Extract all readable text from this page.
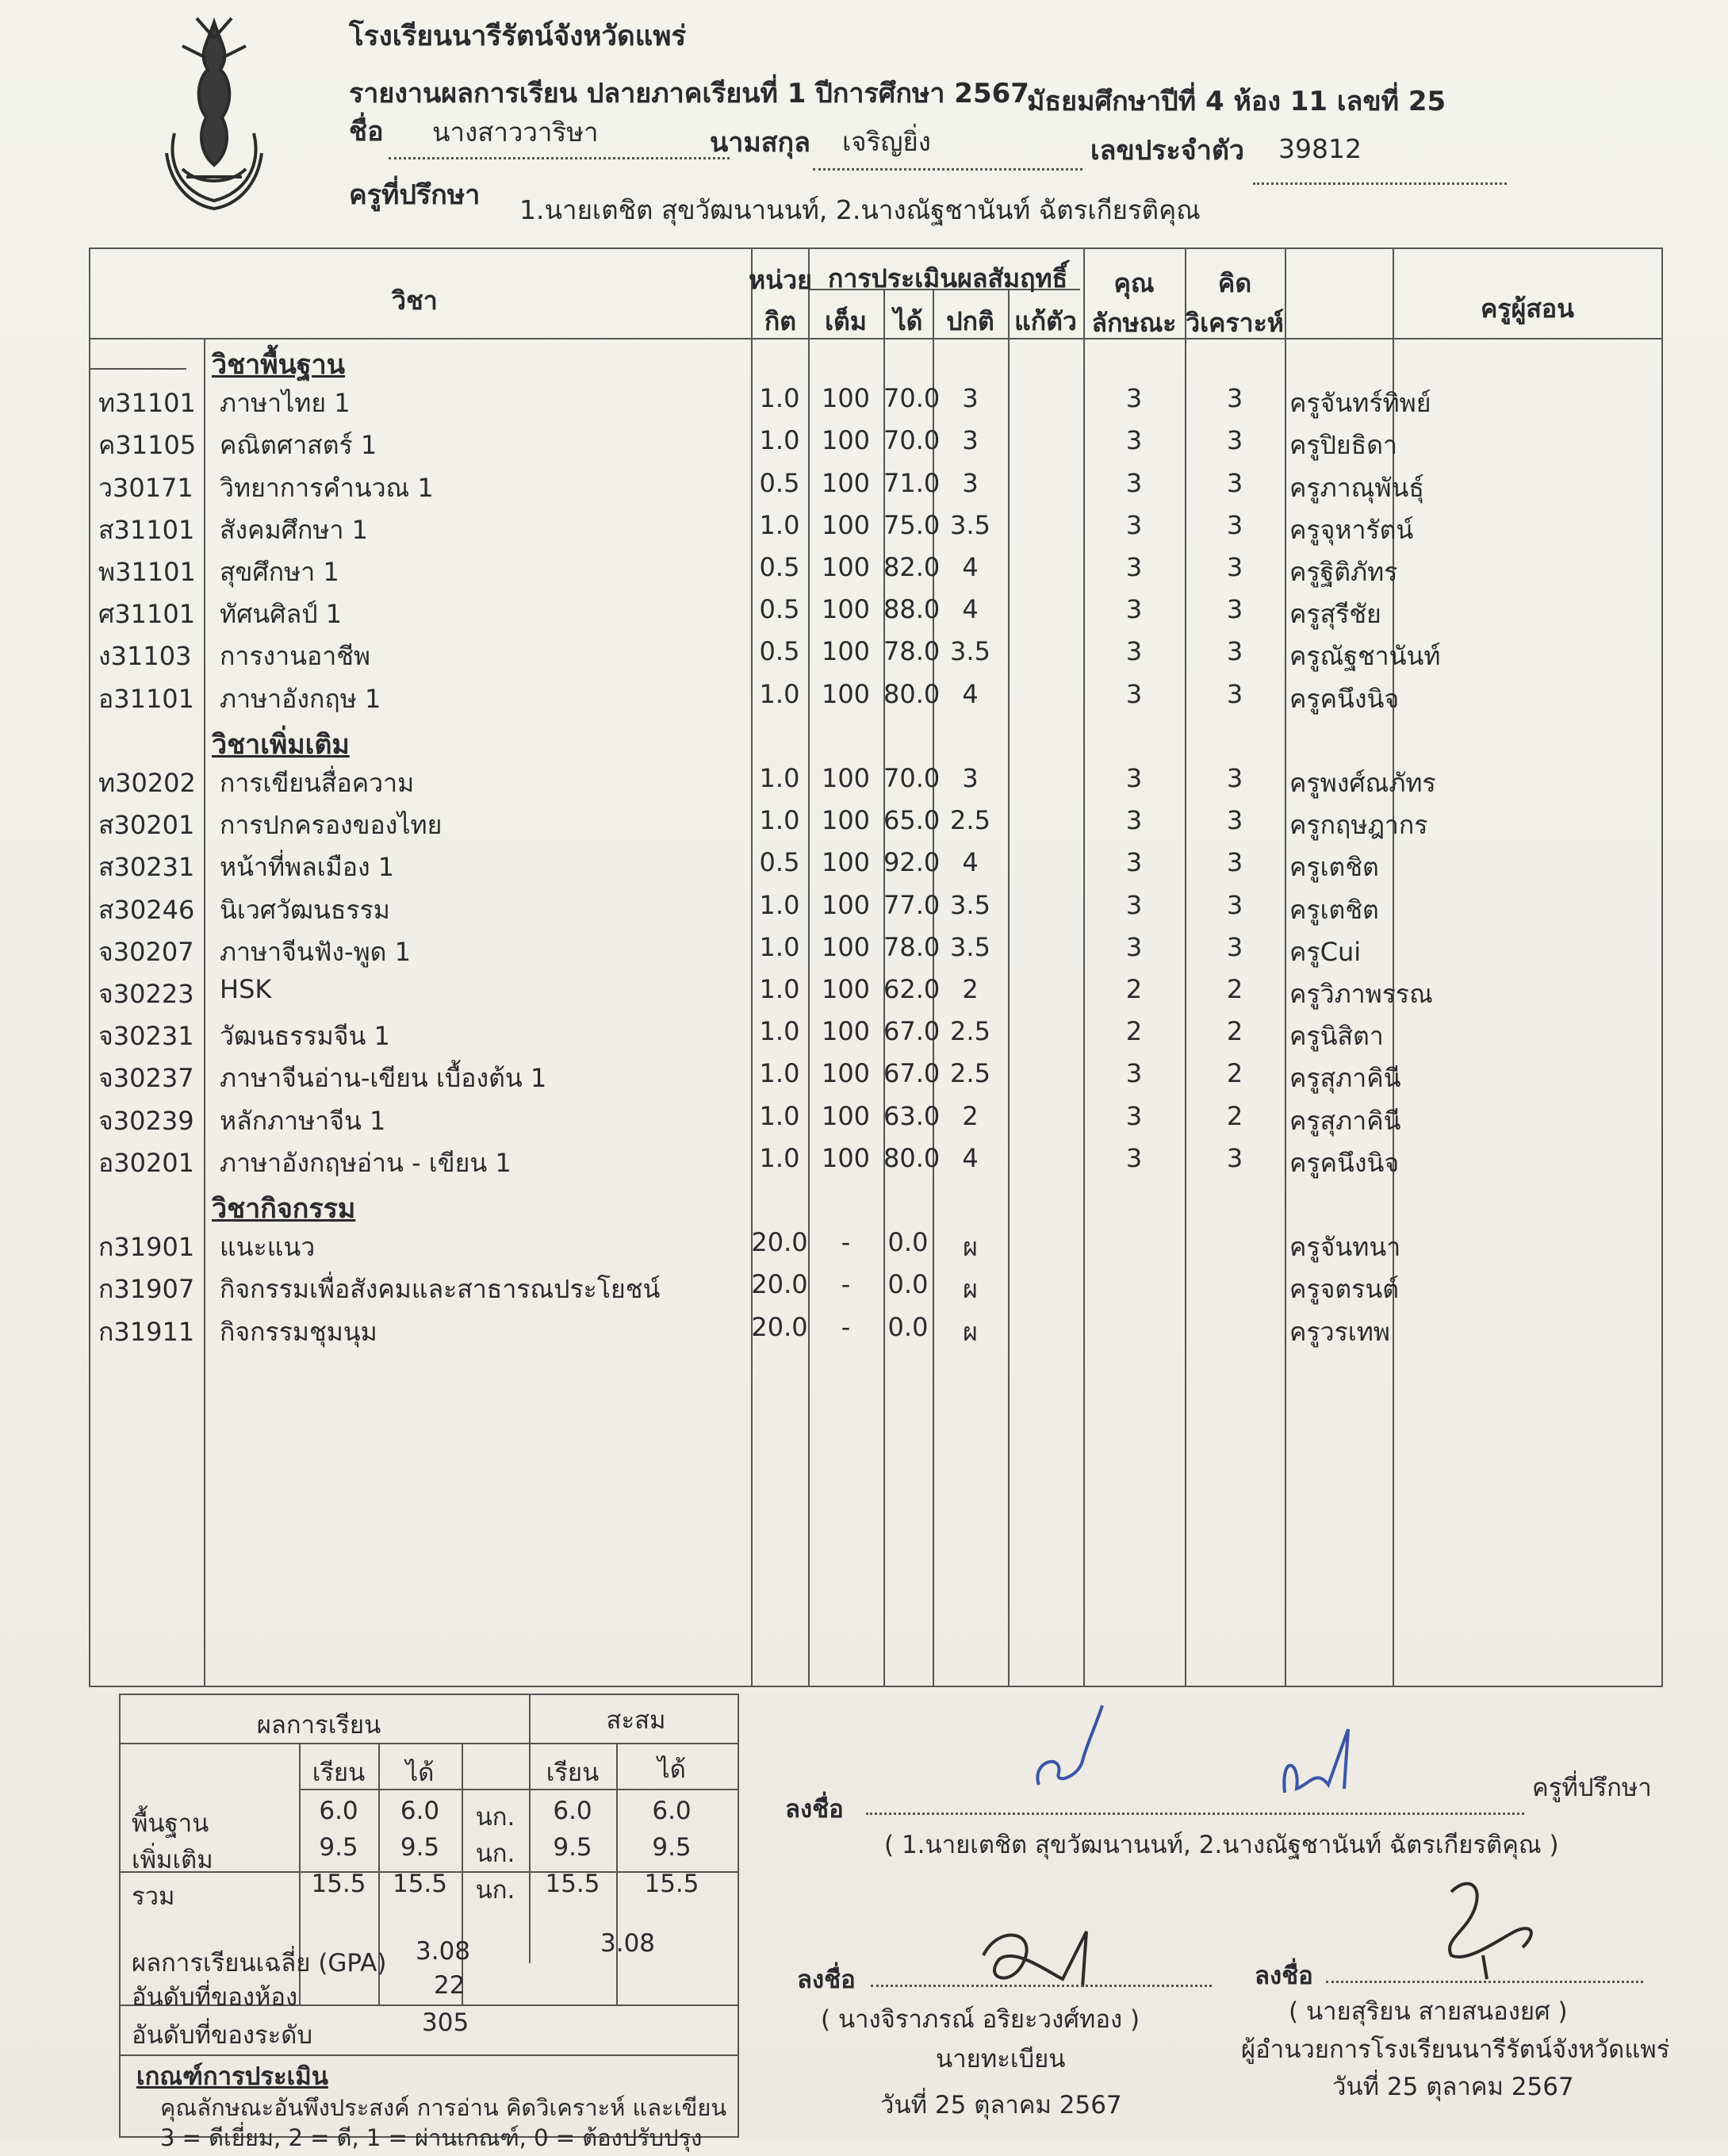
โรงเรียนนารีรัตน์จังหวัดแพร่
รายงานผลการเรียน ปลายภาคเรียนที่ 1 ปีการศึกษา 2567
มัธยมศึกษาปีที่ 4 ห้อง 11 เลขที่ 25
ชื่อ นางสาววาริษา	นามสกุล เจริญยิ่ง	เลขประจำตัว 39812
ครูที่ปรึกษา 1.นายเตชิต สุขวัฒนานนท์, 2.นางณัฐชานันท์ ฉัตรเกียรติคุณ
วิชา
หน่วย
กิต
การประเมินผลสัมฤทธิ์
เต็ม	ได้ ปกติ แก้ตัว
คุณ
ลักษณะ
คิด
วิเคราะห์	ครูผู้สอน
วิชาพื้นฐาน
ท31101 ภาษาไทย 1	1.0 100 70.0 3	3	3	ครูจันทร์ทิพย์
ค31105 คณิตศาสตร์ 1	1.0 100 70.0 3	3	3	ครูปิยธิดา
ว30171	วิทยาการคำนวณ 1	0.5 100 71.0 3	3	3	ครูภาณุพันธุ์
ส31101 สังคมศึกษา 1	1.0 100 75.0 3.5	3	3	ครูจุหารัตน์
พ31101 สุขศึกษา 1	0.5 100 82.0 4	3	3	ครูฐิติภัทร
ศ31101 ทัศนศิลป์ 1	0.5 100 88.0 4	3	3	ครูสุรีชัย
ง31103	การงานอาชีพ	0.5 100 78.0 3.5	3	3	ครูณัฐชานันท์
อ31101 ภาษาอังกฤษ 1	1.0 100 80.0 4	3	3	ครูคนึงนิจ
วิชาเพิ่มเติม
ท30202 การเขียนสื่อความ	1.0 100 70.0 3	3	3	ครูพงศ์ณภัทร
ส30201 การปกครองของไทย	1.0 100 65.0 2.5	3	3	ครูกฤษฎากร
ส30231 หน้าที่พลเมือง 1	0.5 100 92.0 4	3	3	ครูเตชิต
ส30246 นิเวศวัฒนธรรม	1.0 100 77.0 3.5	3	3	ครูเตชิต
จ30207 ภาษาจีนฟัง-พูด 1	1.0 100 78.0 3.5	3	3	ครูCui
จ30223 HSK	1.0 100 62.0 2	2	2	ครูวิภาพรรณ
จ30231 วัฒนธรรมจีน 1	1.0 100 67.0 2.5	2	2	ครูนิสิตา
จ30237 ภาษาจีนอ่าน-เขียน เบื้องต้น 1	1.0 100 67.0 2.5	3	2	ครูสุภาคินี
จ30239 หลักภาษาจีน 1	1.0 100 63.0 2	3	2	ครูสุภาคินี
อ30201 ภาษาอังกฤษอ่าน - เขียน 1	1.0 100 80.0 4	3	3	ครูคนึงนิจ
วิชากิจกรรม
ก31901 แนะแนว	20.0	-	0.0	ผ	ครูจันทนา
ก31907 กิจกรรมเพื่อสังคมและสาธารณประโยชน์	20.0	-	0.0	ผ	ครูจตรนต์
ก31911 กิจกรรมชุมนุม	20.0	-	0.0	ผ	ครูวรเทพ
ผลการเรียน	สะสม
เรียน	ได้	เรียน	ได้
พื้นฐาน	6.0	6.0	นก.	6.0	6.0
เพิ่มเติม	9.5	9.5	นก.	9.5	9.5
รวม	15.5	15.5	นก.	15.5	15.5
ผลการเรียนเฉลี่ย (GPA) 3.08	3.08
อันดับที่ของห้อง	22
อันดับที่ของระดับ	305
เกณฑ์การประเมิน
คุณลักษณะอันพึงประสงค์ การอ่าน คิดวิเคราะห์ และเขียน
3 = ดีเยี่ยม, 2 = ดี, 1 = ผ่านเกณฑ์, 0 = ต้องปรับปรุง
ลงชื่อ
ครูที่ปรึกษา
( 1.นายเตชิต สุขวัฒนานนท์, 2.นางณัฐชานันท์ ฉัตรเกียรติคุณ )
ลงชื่อ
( นางจิราภรณ์ อริยะวงศ์ทอง )
นายทะเบียน
วันที่ 25 ตุลาคม 2567
ลงชื่อ
( นายสุริยน สายสนองยศ )
ผู้อำนวยการโรงเรียนนารีรัตน์จังหวัดแพร่
วันที่ 25 ตุลาคม 2567
